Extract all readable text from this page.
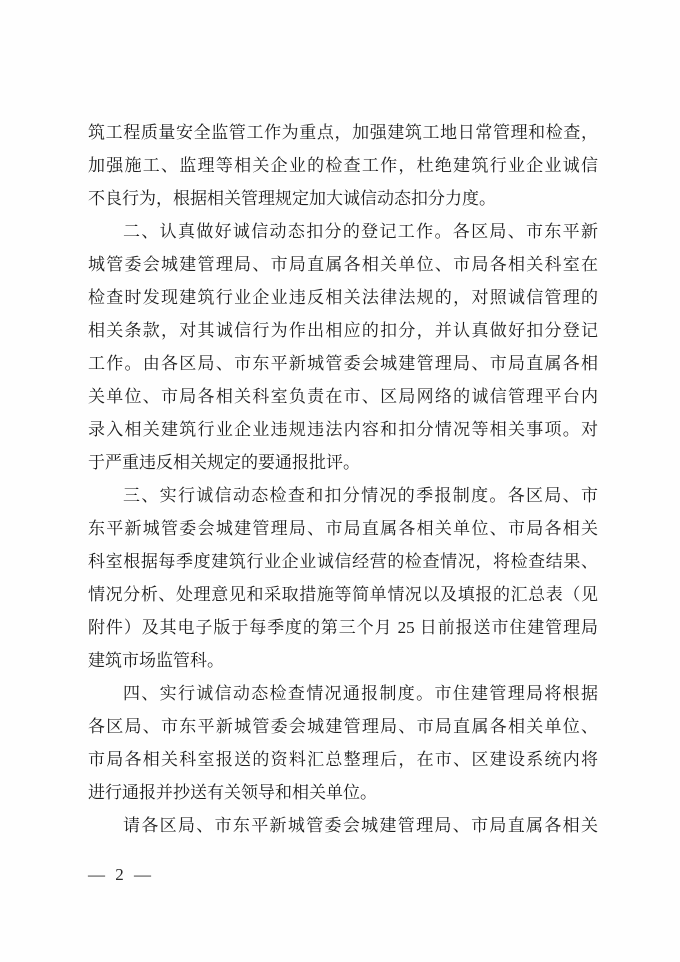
筑工程质量安全监管工作为重点，加强建筑工地日常管理和检查，
加强施工、监理等相关企业的检查工作，杜绝建筑行业企业诚信
不良行为，根据相关管理规定加大诚信动态扣分力度。
二、认真做好诚信动态扣分的登记工作。各区局、市东平新
城管委会城建管理局、市局直属各相关单位、市局各相关科室在
检查时发现建筑行业企业违反相关法律法规的，对照诚信管理的
相关条款，对其诚信行为作出相应的扣分，并认真做好扣分登记
工作。由各区局、市东平新城管委会城建管理局、市局直属各相
关单位、市局各相关科室负责在市、区局网络的诚信管理平台内
录入相关建筑行业企业违规违法内容和扣分情况等相关事项。对
于严重违反相关规定的要通报批评。
三、实行诚信动态检查和扣分情况的季报制度。各区局、市
东平新城管委会城建管理局、市局直属各相关单位、市局各相关
科室根据每季度建筑行业企业诚信经营的检查情况，将检查结果、
情况分析、处理意见和采取措施等简单情况以及填报的汇总表（见
附件）及其电子版于每季度的第三个月 25 日前报送市住建管理局
建筑市场监管科。
四、实行诚信动态检查情况通报制度。市住建管理局将根据
各区局、市东平新城管委会城建管理局、市局直属各相关单位、
市局各相关科室报送的资料汇总整理后，在市、区建设系统内将
进行通报并抄送有关领导和相关单位。
请各区局、市东平新城管委会城建管理局、市局直属各相关
— 2 —
